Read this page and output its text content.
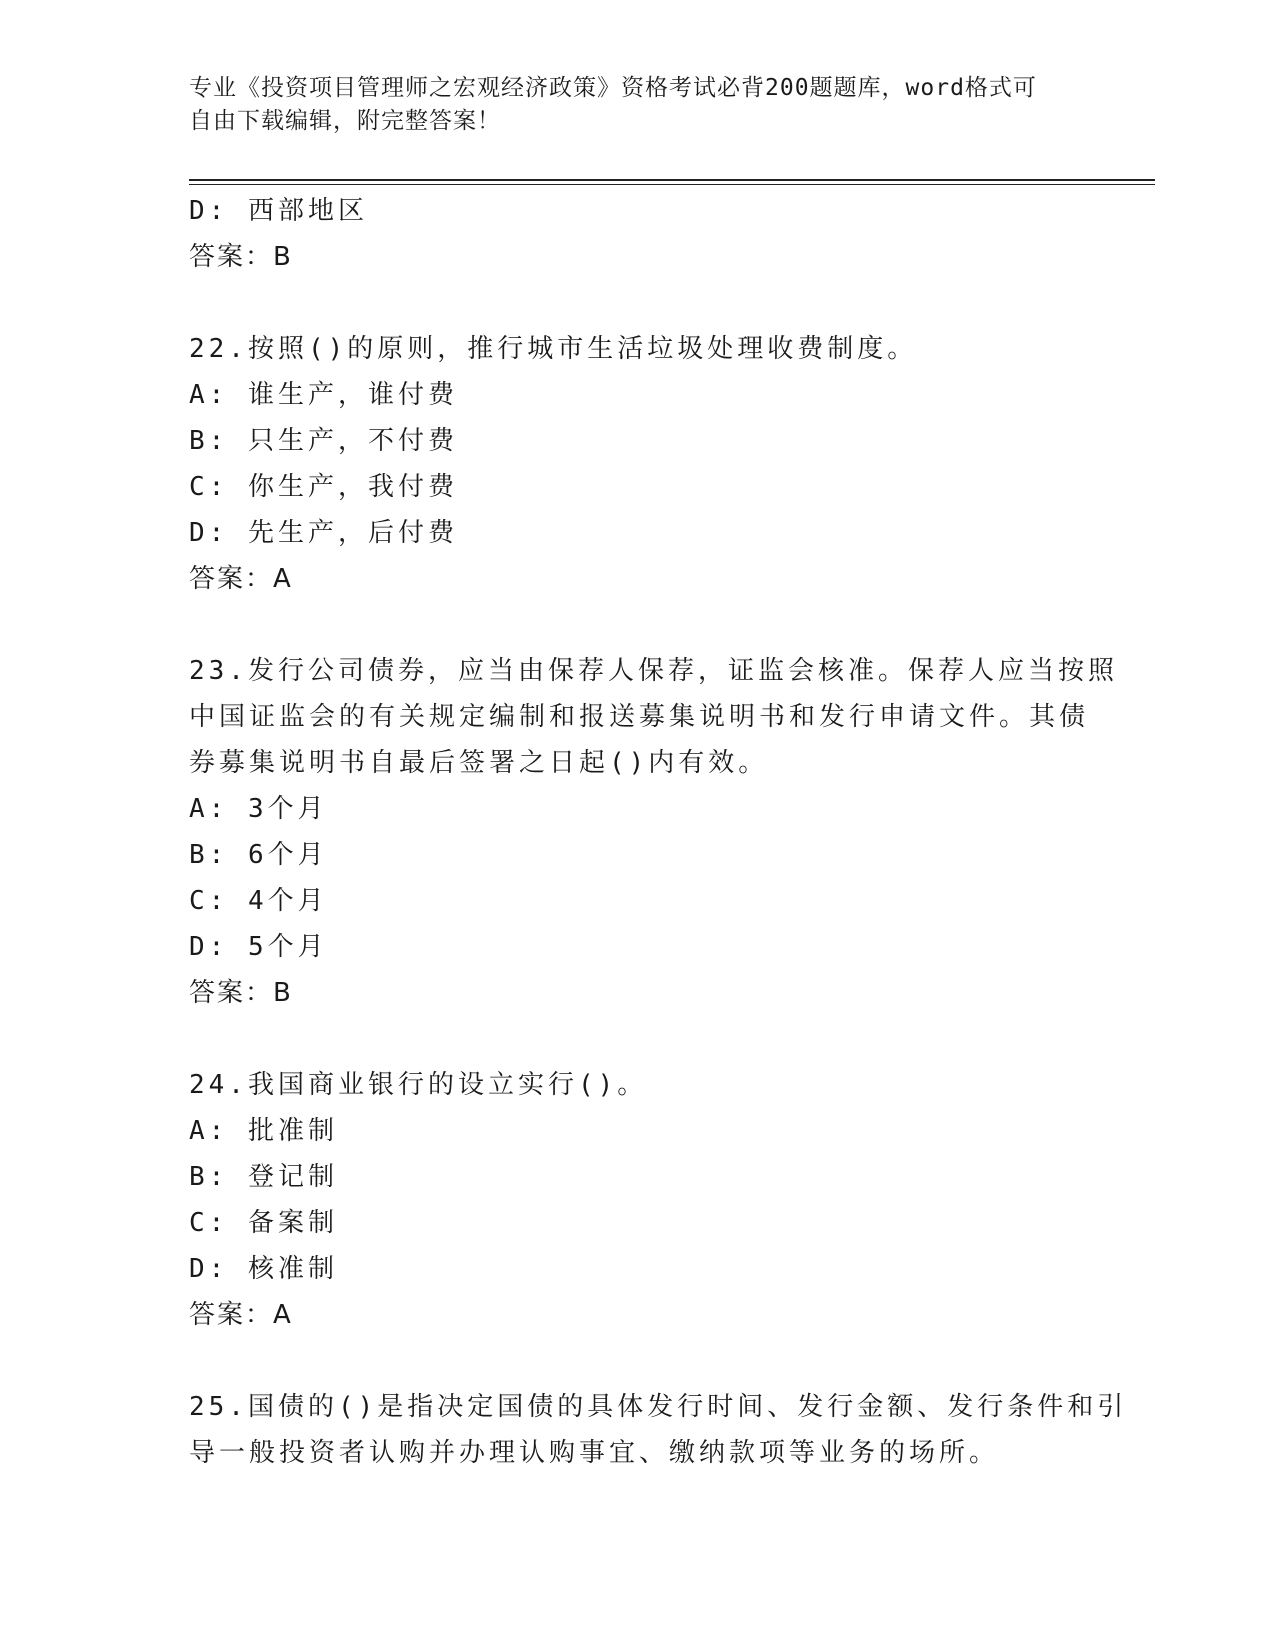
专业《投资项目管理师之宏观经济政策》资格考试必背200题题库，word格式可
自由下载编辑，附完整答案！
D: 西部地区
答案：B
22.按照()的原则，推行城市生活垃圾处理收费制度。
A: 谁生产，谁付费
B: 只生产，不付费
C: 你生产，我付费
D: 先生产，后付费
答案：A
23.发行公司债券，应当由保荐人保荐，证监会核准。保荐人应当按照
中国证监会的有关规定编制和报送募集说明书和发行申请文件。其债
券募集说明书自最后签署之日起()内有效。
A: 3个月
B: 6个月
C: 4个月
D: 5个月
答案：B
24.我国商业银行的设立实行()。
A: 批准制
B: 登记制
C: 备案制
D: 核准制
答案：A
25.国债的()是指决定国债的具体发行时间、发行金额、发行条件和引
导一般投资者认购并办理认购事宜、缴纳款项等业务的场所。
